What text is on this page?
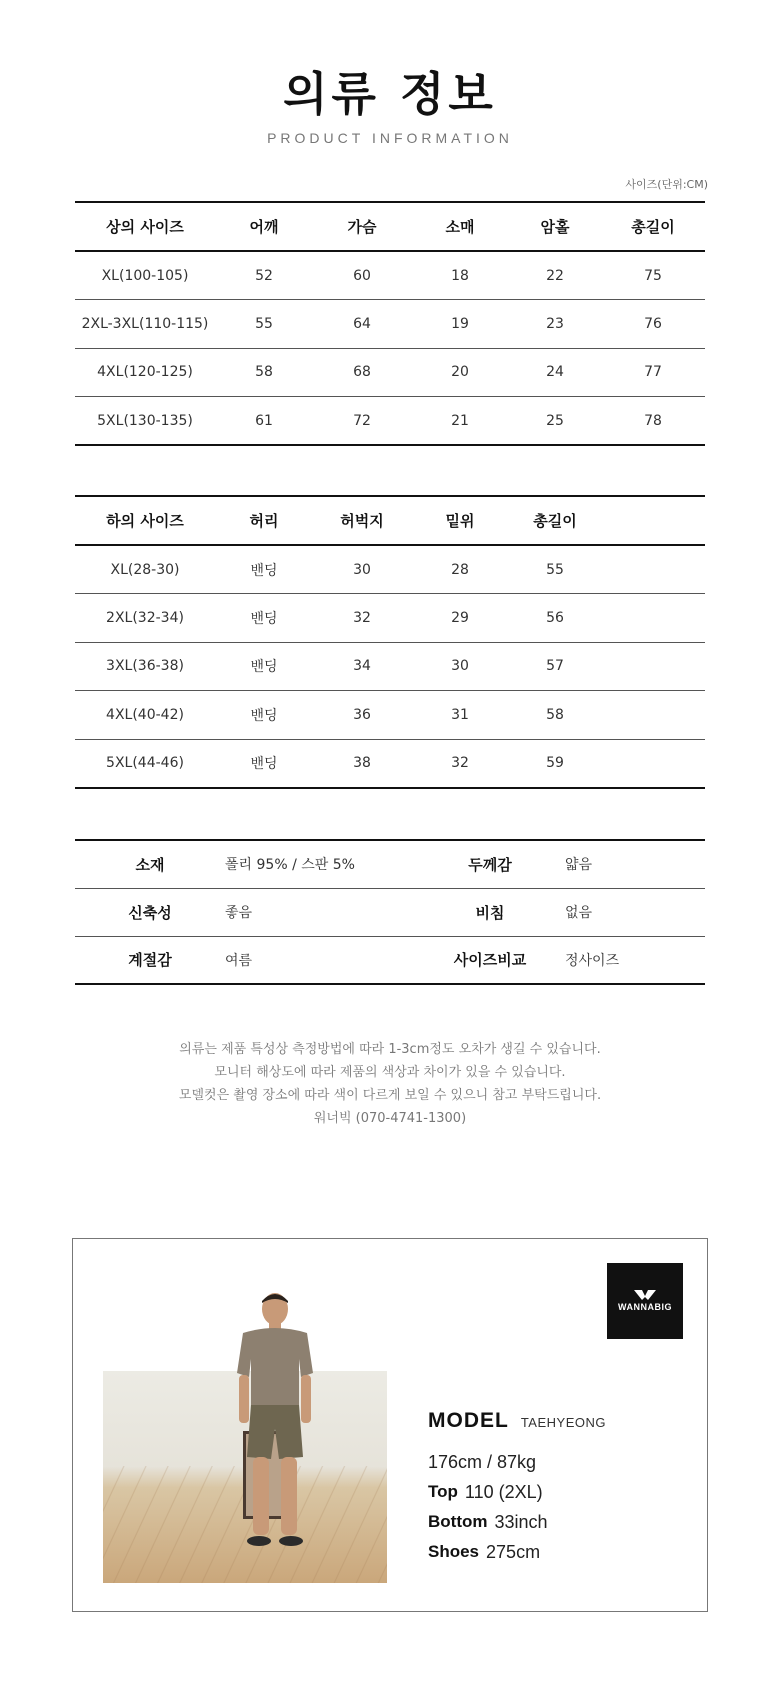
의류 정보
PRODUCT INFORMATION
사이즈(단위:CM)
상의 사이즈	어깨	가슴	소매	암홀	총길이
XL(100-105)	52	60	18	22	75
2XL-3XL(110-115)	55	64	19	23	76
4XL(120-125)	58	68	20	24	77
5XL(130-135)	61	72	21	25	78
하의 사이즈	허리	허벅지	밑위	총길이	
XL(28-30)	밴딩	30	28	55	
2XL(32-34)	밴딩	32	29	56	
3XL(36-38)	밴딩	34	30	57	
4XL(40-42)	밴딩	36	31	58	
5XL(44-46)	밴딩	38	32	59	
소재	폴리 95% / 스판 5%	두께감	얇음
신축성	좋음	비침	없음
계절감	여름	사이즈비교	정사이즈

의류는 제품 특성상 측정방법에 따라 1-3cm정도 오차가 생길 수 있습니다.

모니터 해상도에 따라 제품의 색상과 차이가 있을 수 있습니다.

모델컷은 촬영 장소에 따라 색이 다르게 보일 수 있으니 참고 부탁드립니다.

워너빅 (070-4741-1300)

WANNABIG
MODEL TAEHYEONG
176cm / 87kg
Top 110 (2XL)
Bottom 33inch
Shoes 275cm
